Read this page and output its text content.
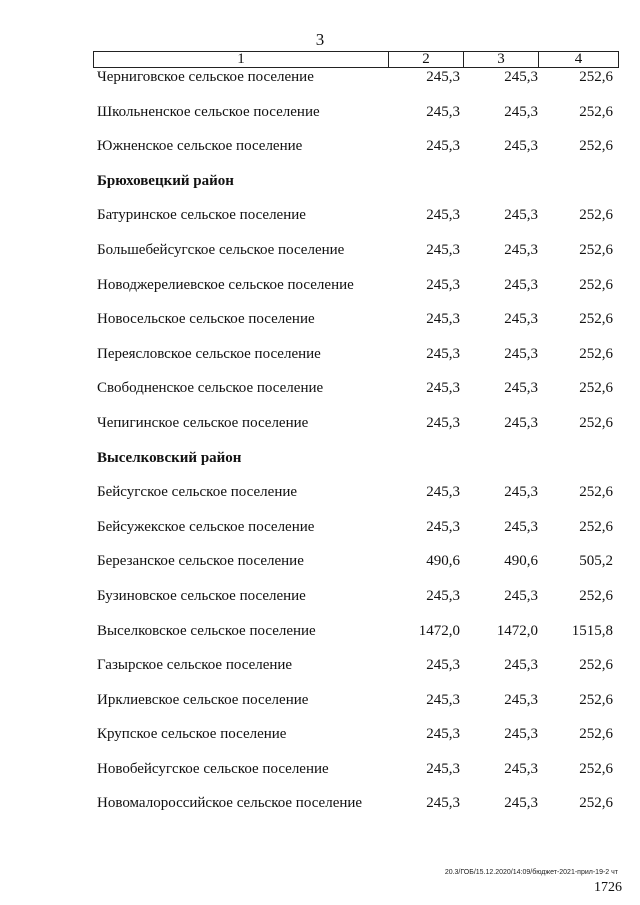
3
1	2	3	4
Черниговское сельское поселение	245,3	245,3	252,6
Школьненское сельское поселение	245,3	245,3	252,6
Южненское сельское поселение	245,3	245,3	252,6
Брюховецкий район
Батуринское сельское поселение	245,3	245,3	252,6
Большебейсугское сельское поселение	245,3	245,3	252,6
Новоджерелиевское сельское поселение	245,3	245,3	252,6
Новосельское сельское поселение	245,3	245,3	252,6
Переясловское сельское поселение	245,3	245,3	252,6
Свободненское сельское поселение	245,3	245,3	252,6
Чепигинское сельское поселение	245,3	245,3	252,6
Выселковский район
Бейсугское сельское поселение	245,3	245,3	252,6
Бейсужекское сельское поселение	245,3	245,3	252,6
Березанское сельское поселение	490,6	490,6	505,2
Бузиновское сельское поселение	245,3	245,3	252,6
Выселковское сельское поселение	1472,0 1472,0 1515,8
Газырское сельское поселение	245,3	245,3	252,6
Ирклиевское сельское поселение	245,3	245,3	252,6
Крупское сельское поселение	245,3	245,3	252,6
Новобейсугское сельское поселение	245,3	245,3	252,6
Новомалороссийское сельское поселение	245,3	245,3	252,6
20.3/ГОБ/15.12.2020/14:09/бюджет-2021-прил-19-2 чт
1726
